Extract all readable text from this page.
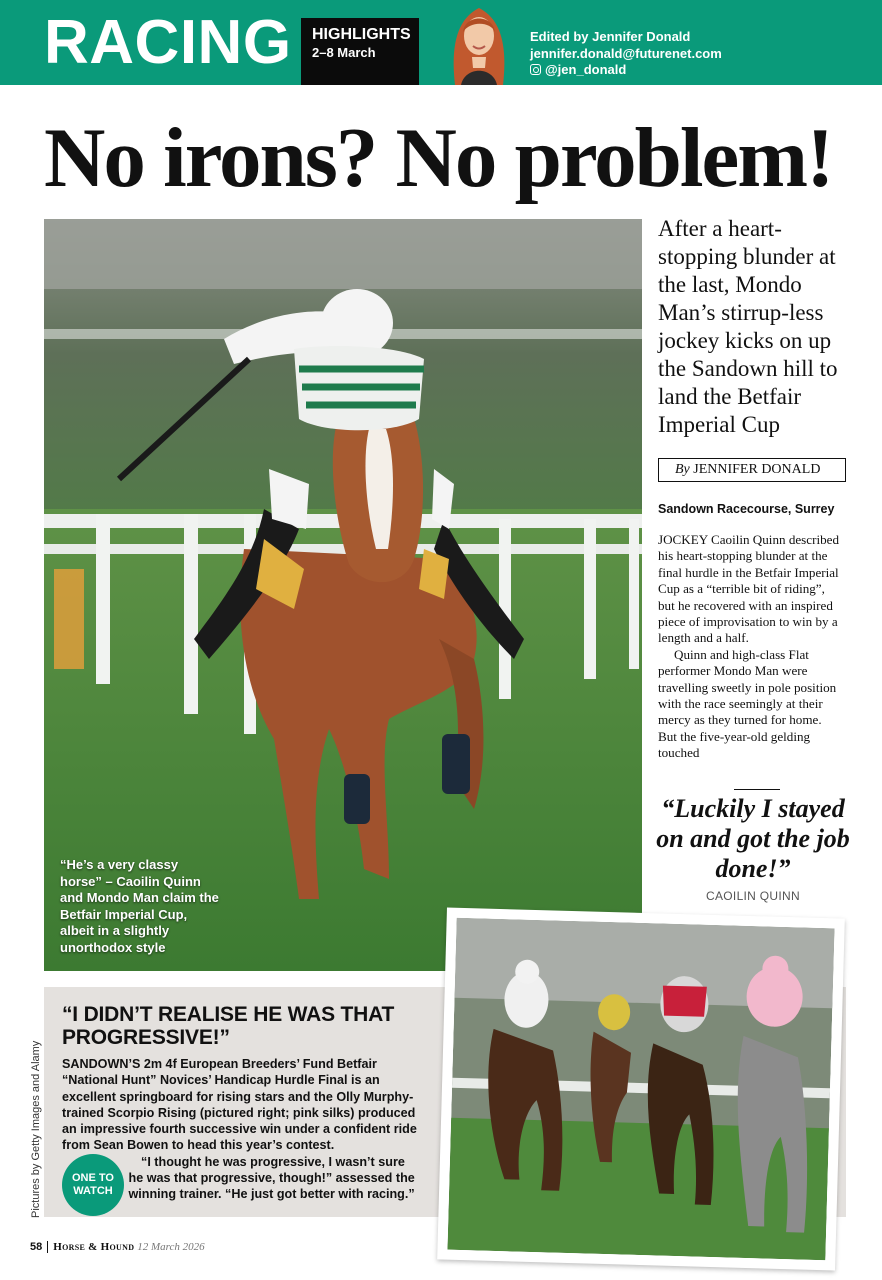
RACING HIGHLIGHTS
2–8 March
Edited by Jennifer Donald
jennifer.donald@futurenet.com
@jen_donald
No irons? No problem!
“He’s a very classy horse” – Caoilin Quinn and Mondo Man claim the Betfair Imperial Cup, albeit in a slightly unorthodox style
After a heart-stopping blunder at the last, Mondo Man’s stirrup-less jockey kicks on up the Sandown hill to land the Betfair Imperial Cup
By JENNIFER DONALD
Sandown Racecourse, Surrey

JOCKEY Caoilin Quinn described his heart-stopping blunder at the final hurdle in the Betfair Imperial Cup as a “terrible bit of riding”, but he recovered with an inspired piece of improvisation to win by a length and a half.

Quinn and high-class Flat performer Mondo Man were travelling sweetly in pole position with the race seemingly at their mercy as they turned for home. But the five-year-old gelding touched

“Luckily I stayed on and got the job done!”
CAOILIN QUINN
“I DIDN’T REALISE HE WAS THAT PROGRESSIVE!”

SANDOWN’S 2m 4f European Breeders’ Fund Betfair “National Hunt” Novices’ Handicap Hurdle Final is an excellent springboard for rising stars and the Olly Murphy-trained Scorpio Rising (pictured right; pink silks) produced an impressive fourth successive win under a confident ride from Sean Bowen to head this year’s contest.

ONE TO WATCH

“I thought he was progressive, I wasn’t sure he was that progressive, though!” assessed the winning trainer. “He just got better with racing.”

Pictures by Getty Images and Alamy
58 Horse & Hound 12 March 2026
